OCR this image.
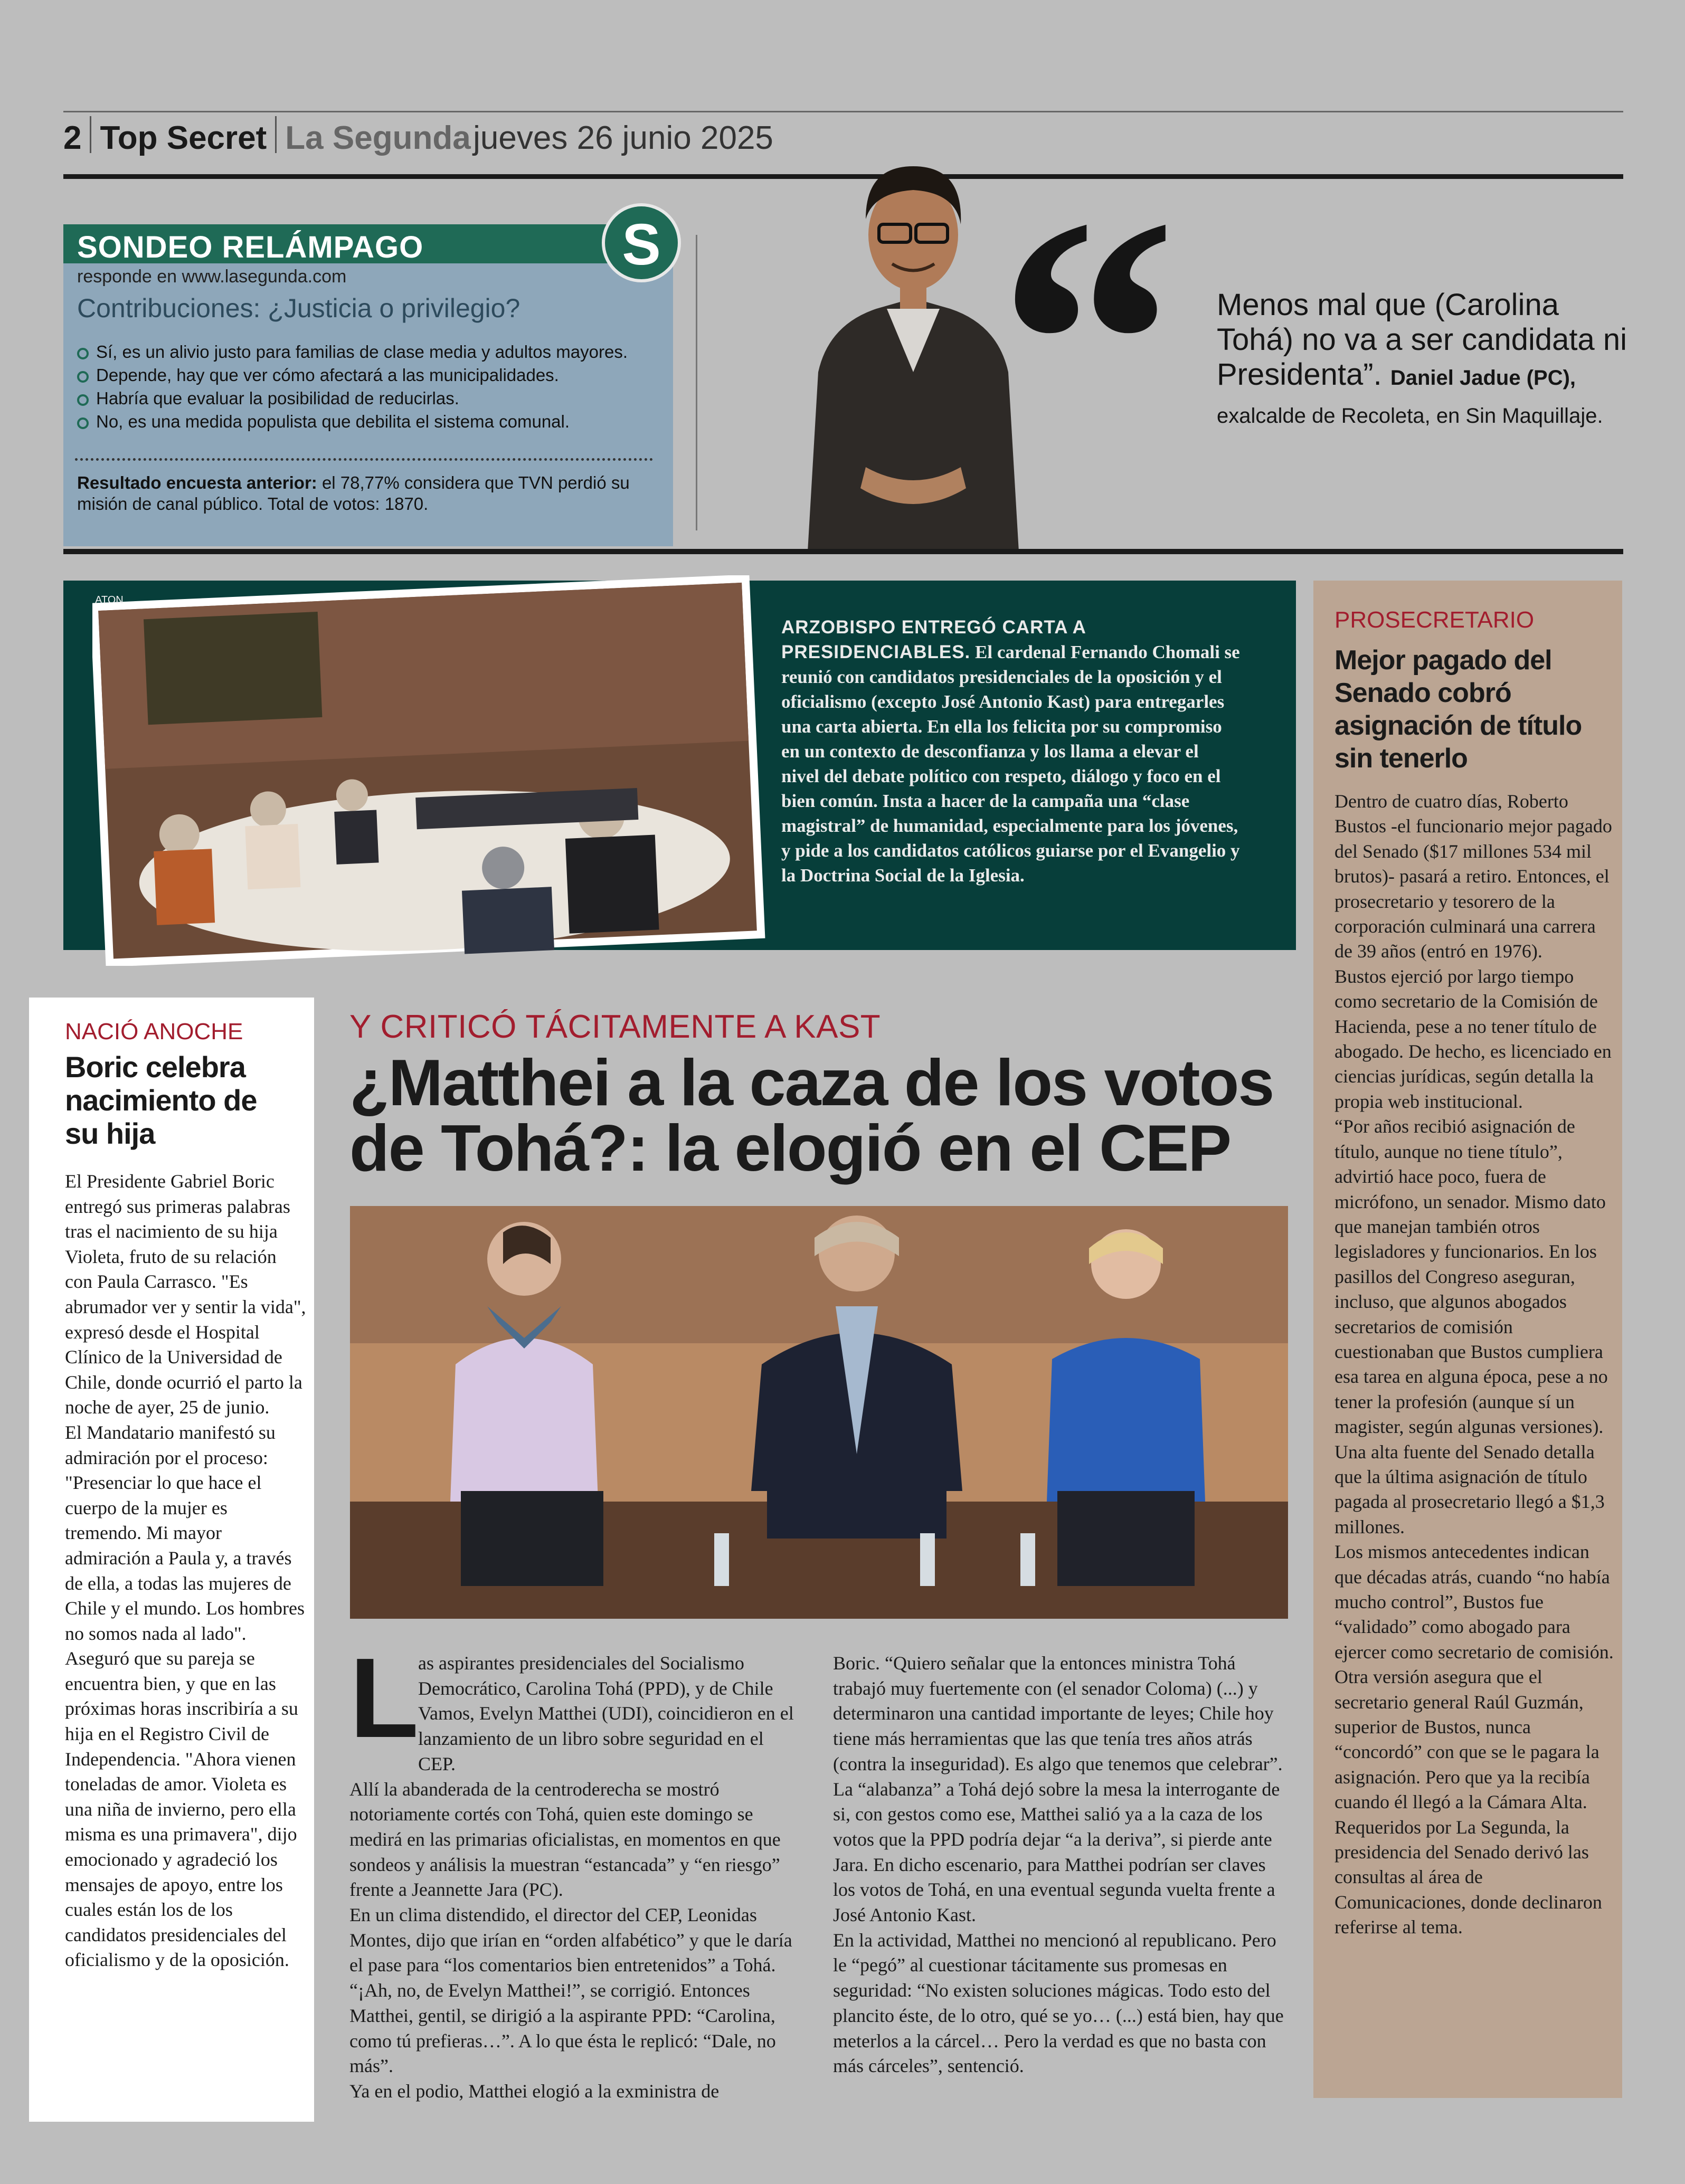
2 Top Secret La Segunda jueves 26 junio 2025
SONDEO RELÁMPAGO	S
responde en www.lasegunda.com
Contribuciones: ¿Justicia o privilegio?
Sí, es un alivio justo para familias de clase media y adultos mayores.
Depende, hay que ver cómo afectará a las municipalidades.
Habría que evaluar la posibilidad de reducirlas.
No, es una medida populista que debilita el sistema comunal.
Resultado encuesta anterior: el 78,77% considera que TVN perdió su misión de canal público. Total de votos: 1870.	“ Menos mal que (Carolina Tohá) no va a ser candidata ni Presidenta”. Daniel Jadue (PC), exalcalde de Recoleta, en Sin Maquillaje.
ATON
ARZOBISPO ENTREGÓ CARTA A PRESIDENCIABLES. El cardenal Fernando Chomali se reunió con candidatos presidenciales de la oposición y el oficialismo (excepto José Antonio Kast) para entregarles una carta abierta. En ella los felicita por su compromiso en un contexto de desconfianza y los llama a elevar el nivel del debate político con respeto, diálogo y foco en el bien común. Insta a hacer de la campaña una “clase magistral” de humanidad, especialmente para los jóvenes, y pide a los candidatos católicos guiarse por el Evangelio y la Doctrina Social de la Iglesia.
PROSECRETARIO
Mejor pagado del Senado cobró asignación de título sin tenerlo

Dentro de cuatro días, Roberto Bustos -el funcionario mejor pagado del Senado ($17 millones 534 mil brutos)- pasará a retiro. Entonces, el prosecretario y tesorero de la corporación culminará una carrera de 39 años (entró en 1976).

Bustos ejerció por largo tiempo como secretario de la Comisión de Hacienda, pese a no tener título de abogado. De hecho, es licenciado en ciencias jurídicas, según detalla la propia web institucional.

“Por años recibió asignación de título, aunque no tiene título”, advirtió hace poco, fuera de micrófono, un senador. Mismo dato que manejan también otros legisladores y funcionarios. En los pasillos del Congreso aseguran, incluso, que algunos abogados secretarios de comisión cuestionaban que Bustos cumpliera esa tarea en alguna época, pese a no tener la profesión (aunque sí un magister, según algunas versiones).

Una alta fuente del Senado detalla que la última asignación de título pagada al prosecretario llegó a $1,3 millones.

Los mismos antecedentes indican que décadas atrás, cuando “no había mucho control”, Bustos fue “validado” como abogado para ejercer como secretario de comisión.

Otra versión asegura que el secretario general Raúl Guzmán, superior de Bustos, nunca “concordó” con que se le pagara la asignación. Pero que ya la recibía cuando él llegó a la Cámara Alta.

Requeridos por La Segunda, la presidencia del Senado derivó las consultas al área de Comunicaciones, donde declinaron referirse al tema.

NACIÓ ANOCHE
Boric celebra nacimiento de su hija

El Presidente Gabriel Boric entregó sus primeras palabras tras el nacimiento de su hija Violeta, fruto de su relación con Paula Carrasco. "Es abrumador ver y sentir la vida", expresó desde el Hospital Clínico de la Universidad de Chile, donde ocurrió el parto la noche de ayer, 25 de junio.

El Mandatario manifestó su admiración por el proceso: "Presenciar lo que hace el cuerpo de la mujer es tremendo. Mi mayor admiración a Paula y, a través de ella, a todas las mujeres de Chile y el mundo. Los hombres no somos nada al lado".

Aseguró que su pareja se encuentra bien, y que en las próximas horas inscribiría a su hija en el Registro Civil de Independencia. "Ahora vienen toneladas de amor. Violeta es una niña de invierno, pero ella misma es una primavera", dijo emocionado y agradeció los mensajes de apoyo, entre los cuales están los de los candidatos presidenciales del oficialismo y de la oposición.

Y CRITICÓ TÁCITAMENTE A KAST
¿Matthei a la caza de los votos de Tohá?: la elogió en el CEP
L

as aspirantes presidenciales del Socialismo Democrático, Carolina Tohá (PPD), y de Chile Vamos, Evelyn Matthei (UDI), coincidieron en el lanzamiento de un libro sobre seguridad en el CEP.

Allí la abanderada de la centroderecha se mostró notoriamente cortés con Tohá, quien este domingo se medirá en las primarias oficialistas, en momentos en que sondeos y análisis la muestran “estancada” y “en riesgo” frente a Jeannette Jara (PC).

En un clima distendido, el director del CEP, Leonidas Montes, dijo que irían en “orden alfabético” y que le daría el pase para “los comentarios bien entretenidos” a Tohá. “¡Ah, no, de Evelyn Matthei!”, se corrigió. Entonces Matthei, gentil, se dirigió a la aspirante PPD: “Carolina, como tú prefieras…”. A lo que ésta le replicó: “Dale, no más”.

Ya en el podio, Matthei elogió a la exministra de

Boric. “Quiero señalar que la entonces ministra Tohá trabajó muy fuertemente con (el senador Coloma) (...) y determinaron una cantidad importante de leyes; Chile hoy tiene más herramientas que las que tenía tres años atrás (contra la inseguridad). Es algo que tenemos que celebrar”.

La “alabanza” a Tohá dejó sobre la mesa la interrogante de si, con gestos como ese, Matthei salió ya a la caza de los votos que la PPD podría dejar “a la deriva”, si pierde ante Jara. En dicho escenario, para Matthei podrían ser claves los votos de Tohá, en una eventual segunda vuelta frente a José Antonio Kast.

En la actividad, Matthei no mencionó al republicano. Pero le “pegó” al cuestionar tácitamente sus promesas en seguridad: “No existen soluciones mágicas. Todo esto del plancito éste, de lo otro, qué se yo… (...) está bien, hay que meterlos a la cárcel… Pero la verdad es que no basta con más cárceles”, sentenció.
